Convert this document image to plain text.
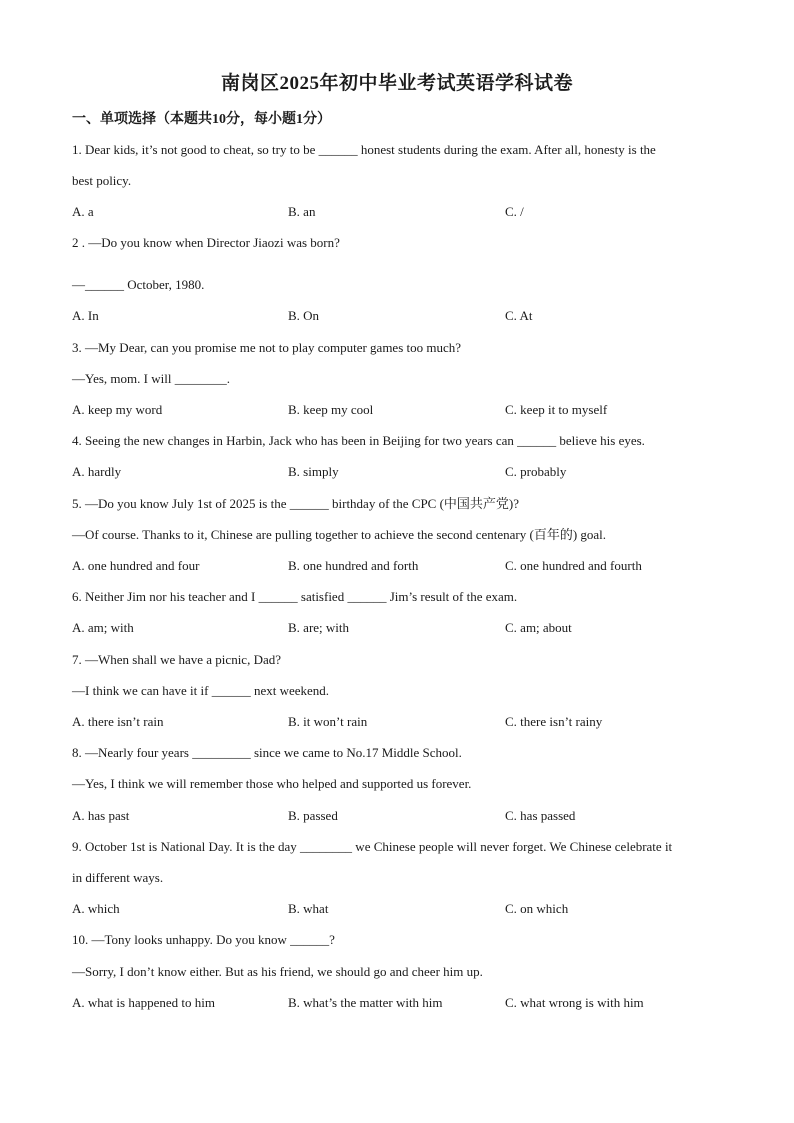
南岗区2025年初中毕业考试英语学科试卷
一、单项选择（本题共10分，每小题1分）
1. Dear kids, it’s not good to cheat, so try to be ______ honest students during the exam. After all, honesty is the
best policy.
A. a	B. an	C. /
2 . —Do you know when Director Jiaozi was born?
—______ October, 1980.
A. In	B. On	C. At
3. —My Dear, can you promise me not to play computer games too much?
—Yes, mom. I will ________.
A. keep my word	B. keep my cool	C. keep it to myself
4. Seeing the new changes in Harbin, Jack who has been in Beijing for two years can ______ believe his eyes.
A. hardly	B. simply	C. probably
5. —Do you know July 1st of 2025 is the ______ birthday of the CPC (中国共产党)?
—Of course. Thanks to it, Chinese are pulling together to achieve the second centenary (百年的) goal.
A. one hundred and four	B. one hundred and forth	C. one hundred and fourth
6. Neither Jim nor his teacher and I ______ satisfied ______ Jim’s result of the exam.
A. am; with	B. are; with	C. am; about
7. —When shall we have a picnic, Dad?
—I think we can have it if ______ next weekend.
A. there isn’t rain	B. it won’t rain	C. there isn’t rainy
8. —Nearly four years _________ since we came to No.17 Middle School.
—Yes, I think we will remember those who helped and supported us forever.
A. has past	B. passed	C. has passed
9. October 1st is National Day. It is the day ________ we Chinese people will never forget. We Chinese celebrate it
in different ways.
A. which	B. what	C. on which
10. —Tony looks unhappy. Do you know ______?
—Sorry, I don’t know either. But as his friend, we should go and cheer him up.
A. what is happened to him	B. what’s the matter with him	C. what wrong is with him
